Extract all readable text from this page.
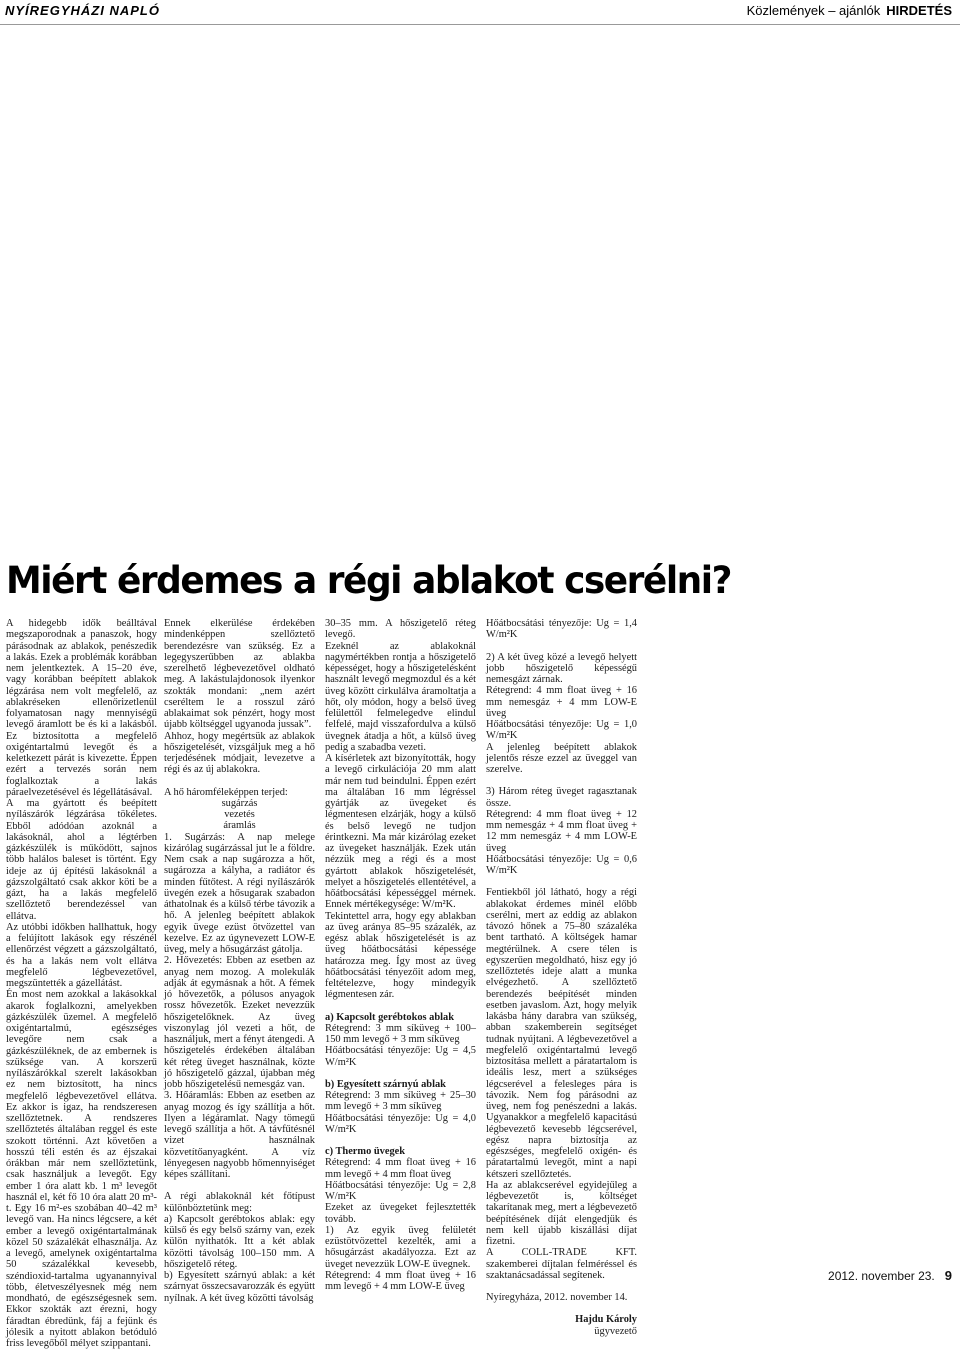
NYÍREGYHÁZI NAPLÓ	Közlemények – ajánlók HIRDETÉS
Miért érdemes a régi ablakot cserélni?

A hidegebb idők beálltával megszaporodnak a panaszok, hogy párásodnak az ablakok, penészedik a lakás. Ezek a problémák korábban nem jelentkeztek. A 15–20 éve, vagy korábban beépített ablakok légzárása nem volt megfelelő, az ablakréseken ellenőrizetlenül folyamatosan nagy mennyiségű levegő áramlott be és ki a lakásból. Ez biztosította a megfelelő oxigéntartalmú levegőt és a keletkezett párát is kivezette. Éppen ezért a tervezés során nem foglalkoztak a lakás páraelvezetésével és légellátásával.

A ma gyártott és beépített nyílászárók légzárása tökéletes. Ebből adódóan azoknál a lakásoknál, ahol a légtérben gázkészülék is működött, sajnos több halálos baleset is történt. Egy ideje az új építésű lakásoknál a gázszolgáltató csak akkor köti be a gázt, ha a lakás megfelelő szellőztető berendezéssel van ellátva.

Az utóbbi időkben hallhattuk, hogy a felújított lakások egy részénél ellenőrzést végzett a gázszolgáltató, és ha a lakás nem volt ellátva megfelelő légbevezetővel, megszüntették a gázellátást.

Én most nem azokkal a lakásokkal akarok foglalkozni, amelyekben gázkészülék üzemel. A megfelelő oxigéntartalmú, egészséges levegőre nem csak a gázkészüléknek, de az embernek is szüksége van. A korszerű nyílászárókkal szerelt lakásokban ez nem biztosított, ha nincs megfelelő légbevezetővel ellátva. Ez akkor is igaz, ha rendszeresen szellőztetnek. A rendszeres szellőztetés általában reggel és este szokott történni. Azt követően a hosszú téli estén és az éjszakai órákban már nem szellőztetünk, csak használjuk a levegőt. Egy ember 1 óra alatt kb. 1 m³ levegőt használ el, két fő 10 óra alatt 20 m³-t. Egy 16 m²-es szobában 40–42 m³ levegő van. Ha nincs légcsere, a két ember a levegő oxigéntartalmának közel 50 százalékát elhasználja. Az a levegő, amelynek oxigéntartalma 50 százalékkal kevesebb, széndioxid-tartalma ugyanannyival több, életveszélyesnek még nem mondható, de egészségesnek sem. Ekkor szokták azt érezni, hogy fáradtan ébredünk, fáj a fejünk és jólesik a nyitott ablakon betóduló friss levegőből mélyet szippantani.

Ennek elkerülése érdekében mindenképpen szellőztető berendezésre van szükség. Ez a legegyszerűbben az ablakba szerelhető légbevezetővel oldható meg. A lakástulajdonosok ilyenkor szokták mondani: „nem azért cseréltem le a rosszul záró ablakaimat sok pénzért, hogy most újabb költséggel ugyanoda jussak”.

Ahhoz, hogy megértsük az ablakok hőszigetelését, vizsgáljuk meg a hő terjedésének módjait, levezetve a régi és az új ablakokra.

A hő háromféleképpen terjed:

sugárzás

vezetés

áramlás

1. Sugárzás: A nap melege kizárólag sugárzással jut le a földre. Nem csak a nap sugározza a hőt, sugározza a kályha, a radiátor és minden fűtőtest. A régi nyílászárók üvegén ezek a hősugarak szabadon áthatolnak és a külső térbe távozik a hő. A jelenleg beépített ablakok egyik üvege ezüst ötvözettel van kezelve. Ez az úgynevezett LOW-E üveg, mely a hősugárzást gátolja.

2. Hővezetés: Ebben az esetben az anyag nem mozog. A molekulák adják át egymásnak a hőt. A fémek jó hővezetők, a pólusos anyagok rossz hővezetők. Ezeket nevezzük hőszigetelőknek. Az üveg viszonylag jól vezeti a hőt, de használjuk, mert a fényt átengedi. A hőszigetelés érdekében általában két réteg üveget használnak, közte jó hőszigetelő gázzal, újabban még jobb hőszigetelésű nemesgáz van.

3. Hőáramlás: Ebben az esetben az anyag mozog és így szállítja a hőt. Ilyen a légáramlat. Nagy tömegű levegő szállítja a hőt. A távfűtésnél vizet használnak közvetítőanyagként. A víz lényegesen nagyobb hőmennyiséget képes szállítani.

A régi ablakoknál két főtípust különböztetünk meg:

a) Kapcsolt gerébtokos ablak: egy külső és egy belső szárny van, ezek külön nyithatók. Itt a két ablak közötti távolság 100–150 mm. A hőszigetelő réteg.

b) Egyesített szárnyú ablak: a két szárnyat összecsavarozzák és együtt nyílnak. A két üveg közötti távolság

30–35 mm. A hőszigetelő réteg levegő.

Ezeknél az ablakoknál nagymértékben rontja a hőszigetelő képességet, hogy a hőszigetelésként használt levegő megmozdul és a két üveg között cirkulálva áramoltatja a hőt, oly módon, hogy a belső üveg felülettől felmelegedve elindul felfelé, majd visszafordulva a külső üvegnek átadja a hőt, a külső üveg pedig a szabadba vezeti.

A kísérletek azt bizonyították, hogy a levegő cirkulációja 20 mm alatt már nem tud beindulni. Éppen ezért ma általában 16 mm légréssel gyártják az üvegeket és légmentesen elzárják, hogy a külső és belső levegő ne tudjon érintkezni. Ma már kizárólag ezeket az üvegeket használják. Ezek után nézzük meg a régi és a most gyártott ablakok hőszigetelését, melyet a hőszigetelés ellentétével, a hőátbocsátási képességgel mérnek. Ennek mértékegysége: W/m²K.

Tekintettel arra, hogy egy ablakban az üveg aránya 85–95 százalék, az egész ablak hőszigetelését is az üveg hőátbocsátási képessége határozza meg. Így most az üveg hőátbocsátási tényezőit adom meg, feltételezve, hogy mindegyik légmentesen zár.

a) Kapcsolt gerébtokos ablak

Rétegrend: 3 mm síküveg + 100–150 mm levegő + 3 mm síküveg

Hőátbocsátási tényezője: Ug = 4,5 W/m²K

b) Egyesített szárnyú ablak

Rétegrend: 3 mm síküveg + 25–30 mm levegő + 3 mm síküveg

Hőátbocsátási tényezője: Ug = 4,0 W/m²K

c) Thermo üvegek

Rétegrend: 4 mm float üveg + 16 mm levegő + 4 mm float üveg

Hőátbocsátási tényezője: Ug = 2,8 W/m²K

Ezeket az üvegeket fejlesztették tovább.

1) Az egyik üveg felületét ezüstötvözettel kezelték, ami a hősugárzást akadályozza. Ezt az üveget nevezzük LOW-E üvegnek.

Rétegrend: 4 mm float üveg + 16 mm levegő + 4 mm LOW-E üveg

Hőátbocsátási tényezője: Ug = 1,4 W/m²K

2) A két üveg közé a levegő helyett jobb hőszigetelő képességű nemesgázt zárnak.

Rétegrend: 4 mm float üveg + 16 mm nemesgáz + 4 mm LOW-E üveg

Hőátbocsátási tényezője: Ug = 1,0 W/m²K

A jelenleg beépített ablakok jelentős része ezzel az üveggel van szerelve.

3) Három réteg üveget ragasztanak össze.

Rétegrend: 4 mm float üveg + 12 mm nemesgáz + 4 mm float üveg + 12 mm nemesgáz + 4 mm LOW-E üveg

Hőátbocsátási tényezője: Ug = 0,6 W/m²K

Fentiekből jól látható, hogy a régi ablakokat érdemes minél előbb cserélni, mert az eddig az ablakon távozó hőnek a 75–80 százaléka bent tartható. A költségek hamar megtérülnek. A csere télen is egyszerűen megoldható, hisz egy jó szellőztetés ideje alatt a munka elvégezhető. A szellőztető berendezés beépítését minden esetben javaslom. Azt, hogy melyik lakásba hány darabra van szükség, abban szakemberein segítséget tudnak nyújtani. A légbevezetővel a megfelelő oxigéntartalmú levegő biztosítása mellett a páratartalom is ideális lesz, mert a szükséges légcserével a felesleges pára is távozik. Nem fog párásodni az üveg, nem fog penészedni a lakás. Ugyanakkor a megfelelő kapacitású légbevezető kevesebb légcserével, egész napra biztosítja az egészséges, megfelelő oxigén- és páratartalmú levegőt, mint a napi kétszeri szellőztetés.

Ha az ablakcserével egyidejűleg a légbevezetőt is, költséget takarítanak meg, mert a légbevezető beépítésének díját elengedjük és nem kell újabb kiszállási díjat fizetni.

A COLL-TRADE KFT. szakemberei díjtalan felméréssel és szaktanácsadással segítenek.

Nyíregyháza, 2012. november 14.

Hajdu Károly

ügyvezető

2012. november 23. 9
